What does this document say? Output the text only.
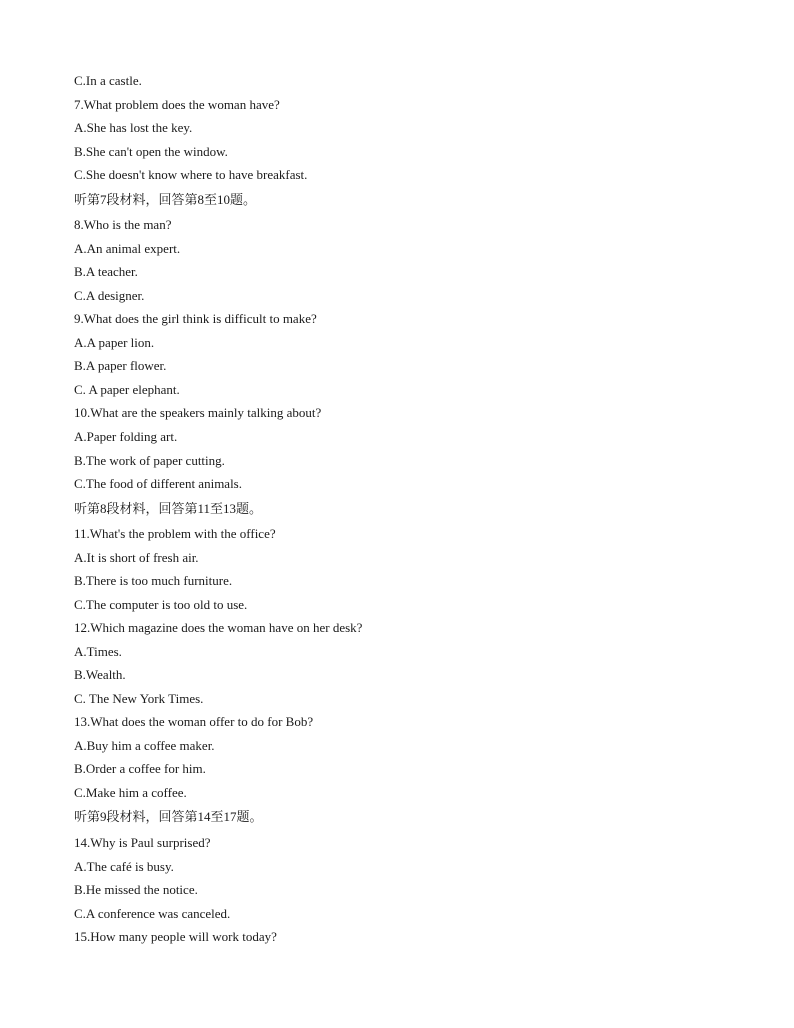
C.In a castle.

7.What problem does the woman have?

A.She has lost the key.

B.She can't open the window.

C.She doesn't know where to have breakfast.

听第7段材料，回答第8至10题。

8.Who is the man?

A.An animal expert.

B.A teacher.

C.A designer.

9.What does the girl think is difficult to make?

A.A paper lion.

B.A paper flower.

C. A paper elephant.

10.What are the speakers mainly talking about?

A.Paper folding art.

B.The work of paper cutting.

C.The food of different animals.

听第8段材料，回答第11至13题。

11.What's the problem with the office?

A.It is short of fresh air.

B.There is too much furniture.

C.The computer is too old to use.

12.Which magazine does the woman have on her desk?

A.Times.

B.Wealth.

C. The New York Times.

13.What does the woman offer to do for Bob?

A.Buy him a coffee maker.

B.Order a coffee for him.

C.Make him a coffee.

听第9段材料，回答第14至17题。

14.Why is Paul surprised?

A.The café is busy.

B.He missed the notice.

C.A conference was canceled.

15.How many people will work today?
